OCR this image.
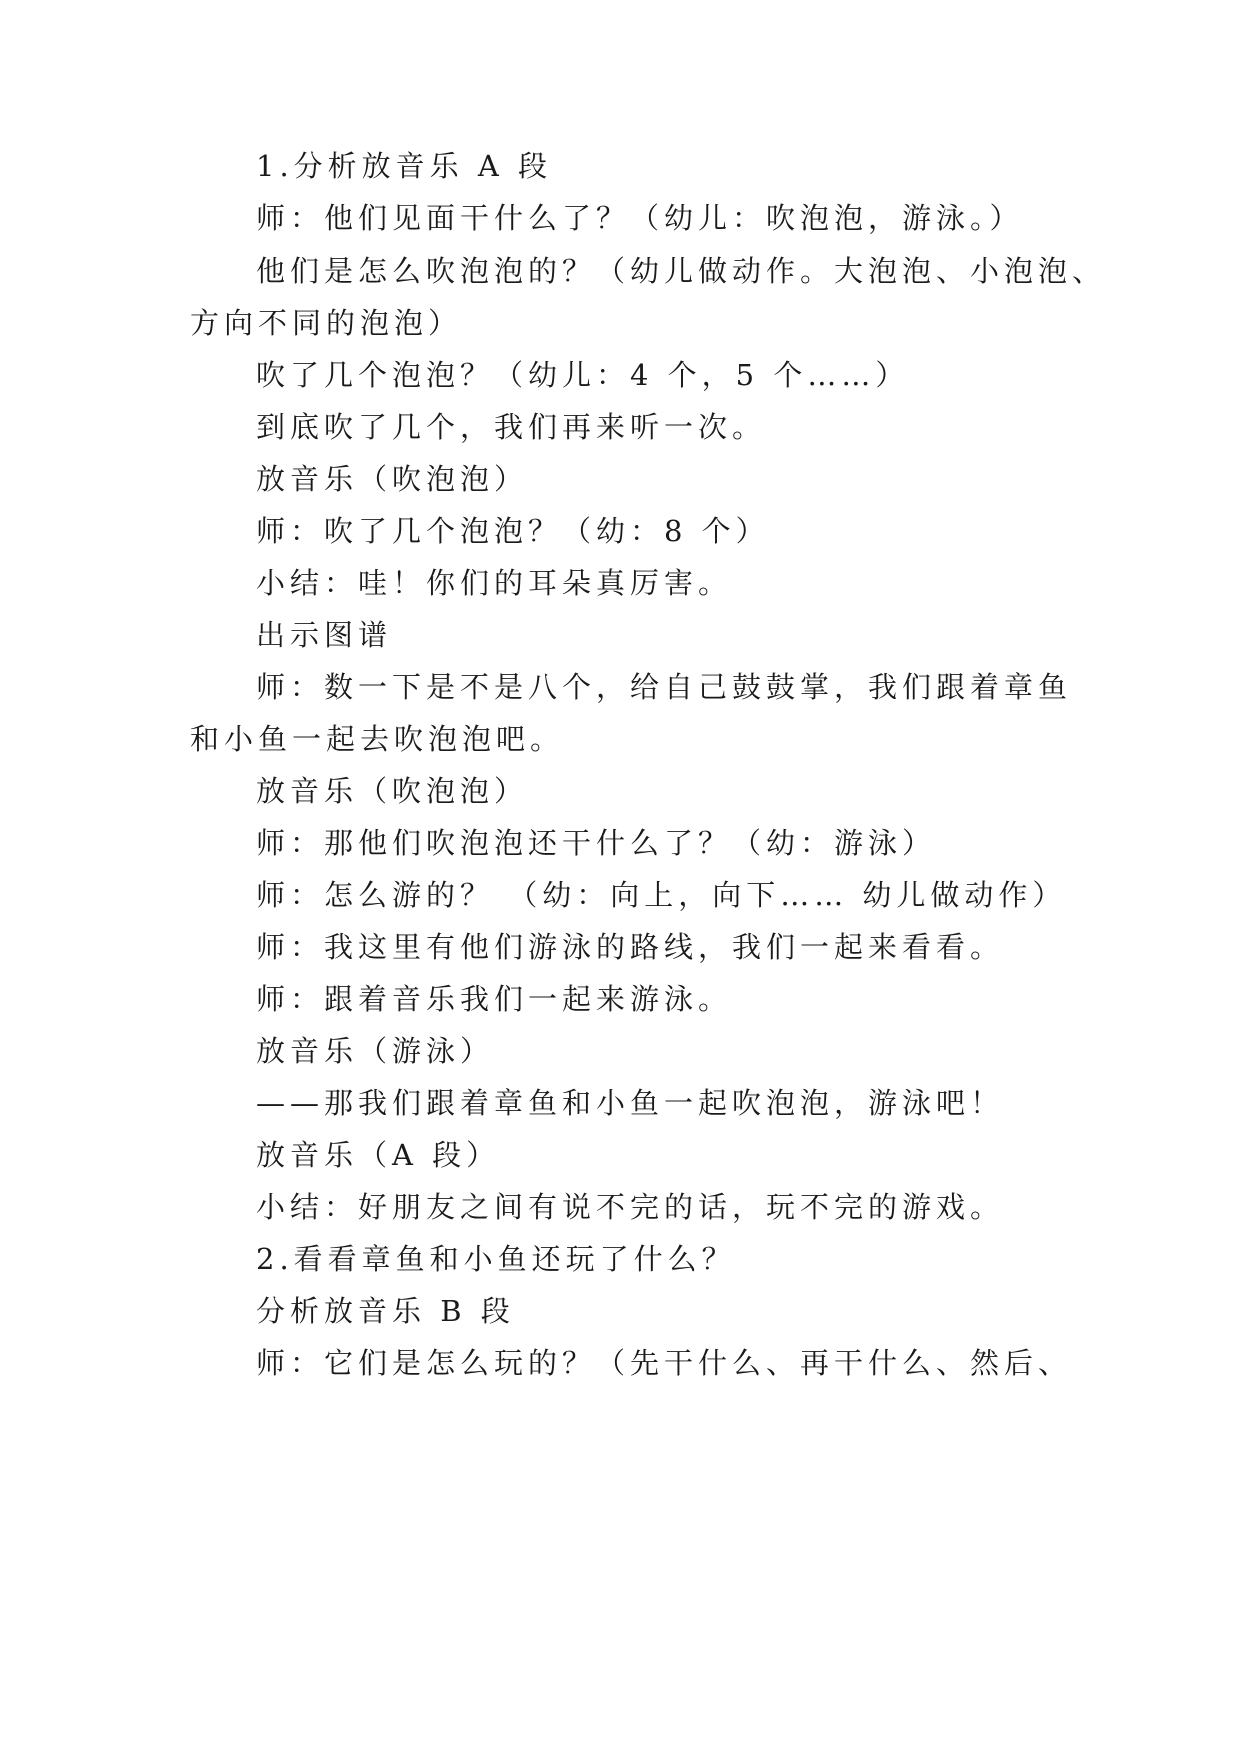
1.分析放音乐 A 段
师：他们见面干什么了？（幼儿：吹泡泡，游泳。）
他们是怎么吹泡泡的？（幼儿做动作。大泡泡、小泡泡、
方向不同的泡泡）
吹了几个泡泡？（幼儿：4 个，5 个……）
到底吹了几个，我们再来听一次。
放音乐（吹泡泡）
师：吹了几个泡泡？（幼：8 个）
小结：哇！你们的耳朵真厉害。
出示图谱
师：数一下是不是八个，给自己鼓鼓掌，我们跟着章鱼
和小鱼一起去吹泡泡吧。
放音乐（吹泡泡）
师：那他们吹泡泡还干什么了？（幼：游泳）
师：怎么游的？ （幼：向上，向下…… 幼儿做动作）
师：我这里有他们游泳的路线，我们一起来看看。
师：跟着音乐我们一起来游泳。
放音乐（游泳）
——那我们跟着章鱼和小鱼一起吹泡泡，游泳吧！
放音乐（A 段）
小结：好朋友之间有说不完的话，玩不完的游戏。
2.看看章鱼和小鱼还玩了什么？
分析放音乐 B 段
师：它们是怎么玩的？（先干什么、再干什么、然后、
